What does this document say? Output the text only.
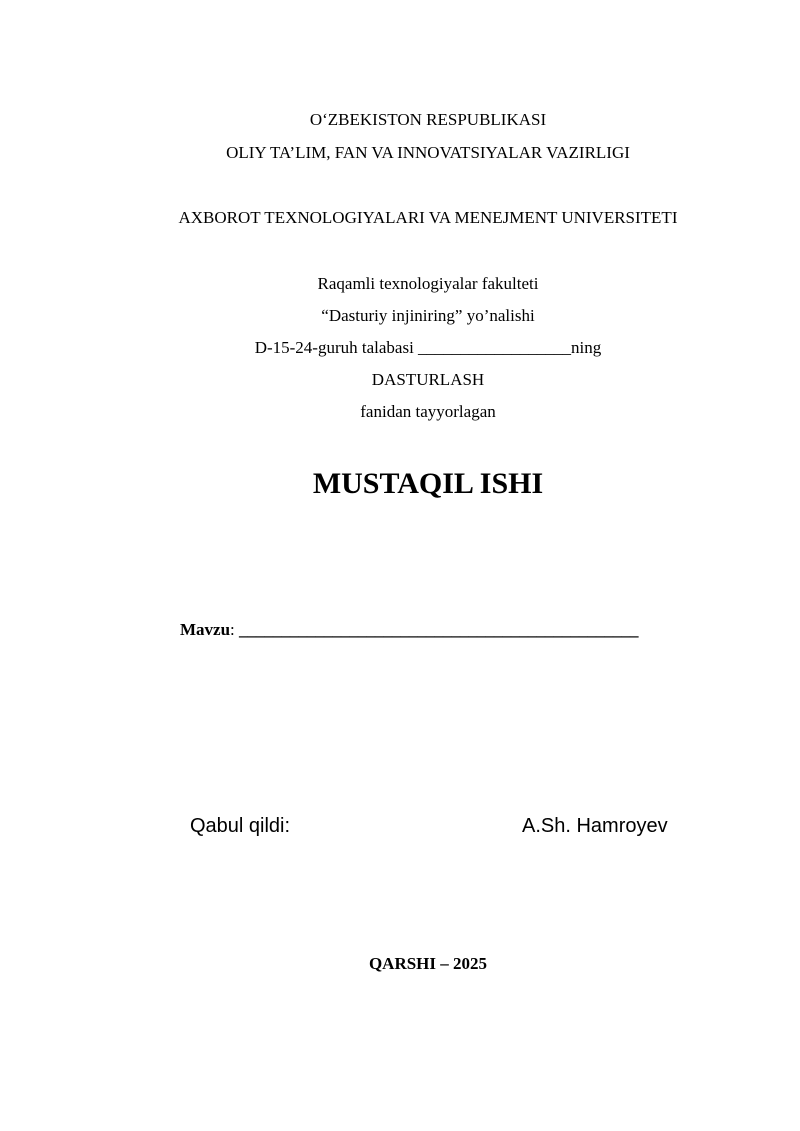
O‘ZBEKISTON RESPUBLIKASI
OLIY TA’LIM, FAN VA INNOVATSIYALAR VAZIRLIGI
AXBOROT TEXNOLOGIYALARI VA MENEJMENT UNIVERSITETI
Raqamli texnologiyalar fakulteti
“Dasturiy injiniring” yo’nalishi
D-15-24-guruh talabasi __________________ning
DASTURLASH
fanidan tayyorlagan
MUSTAQIL ISHI
Mavzu: _______________________________________________
Qabul qildi:	A.Sh. Hamroyev
QARSHI – 2025
